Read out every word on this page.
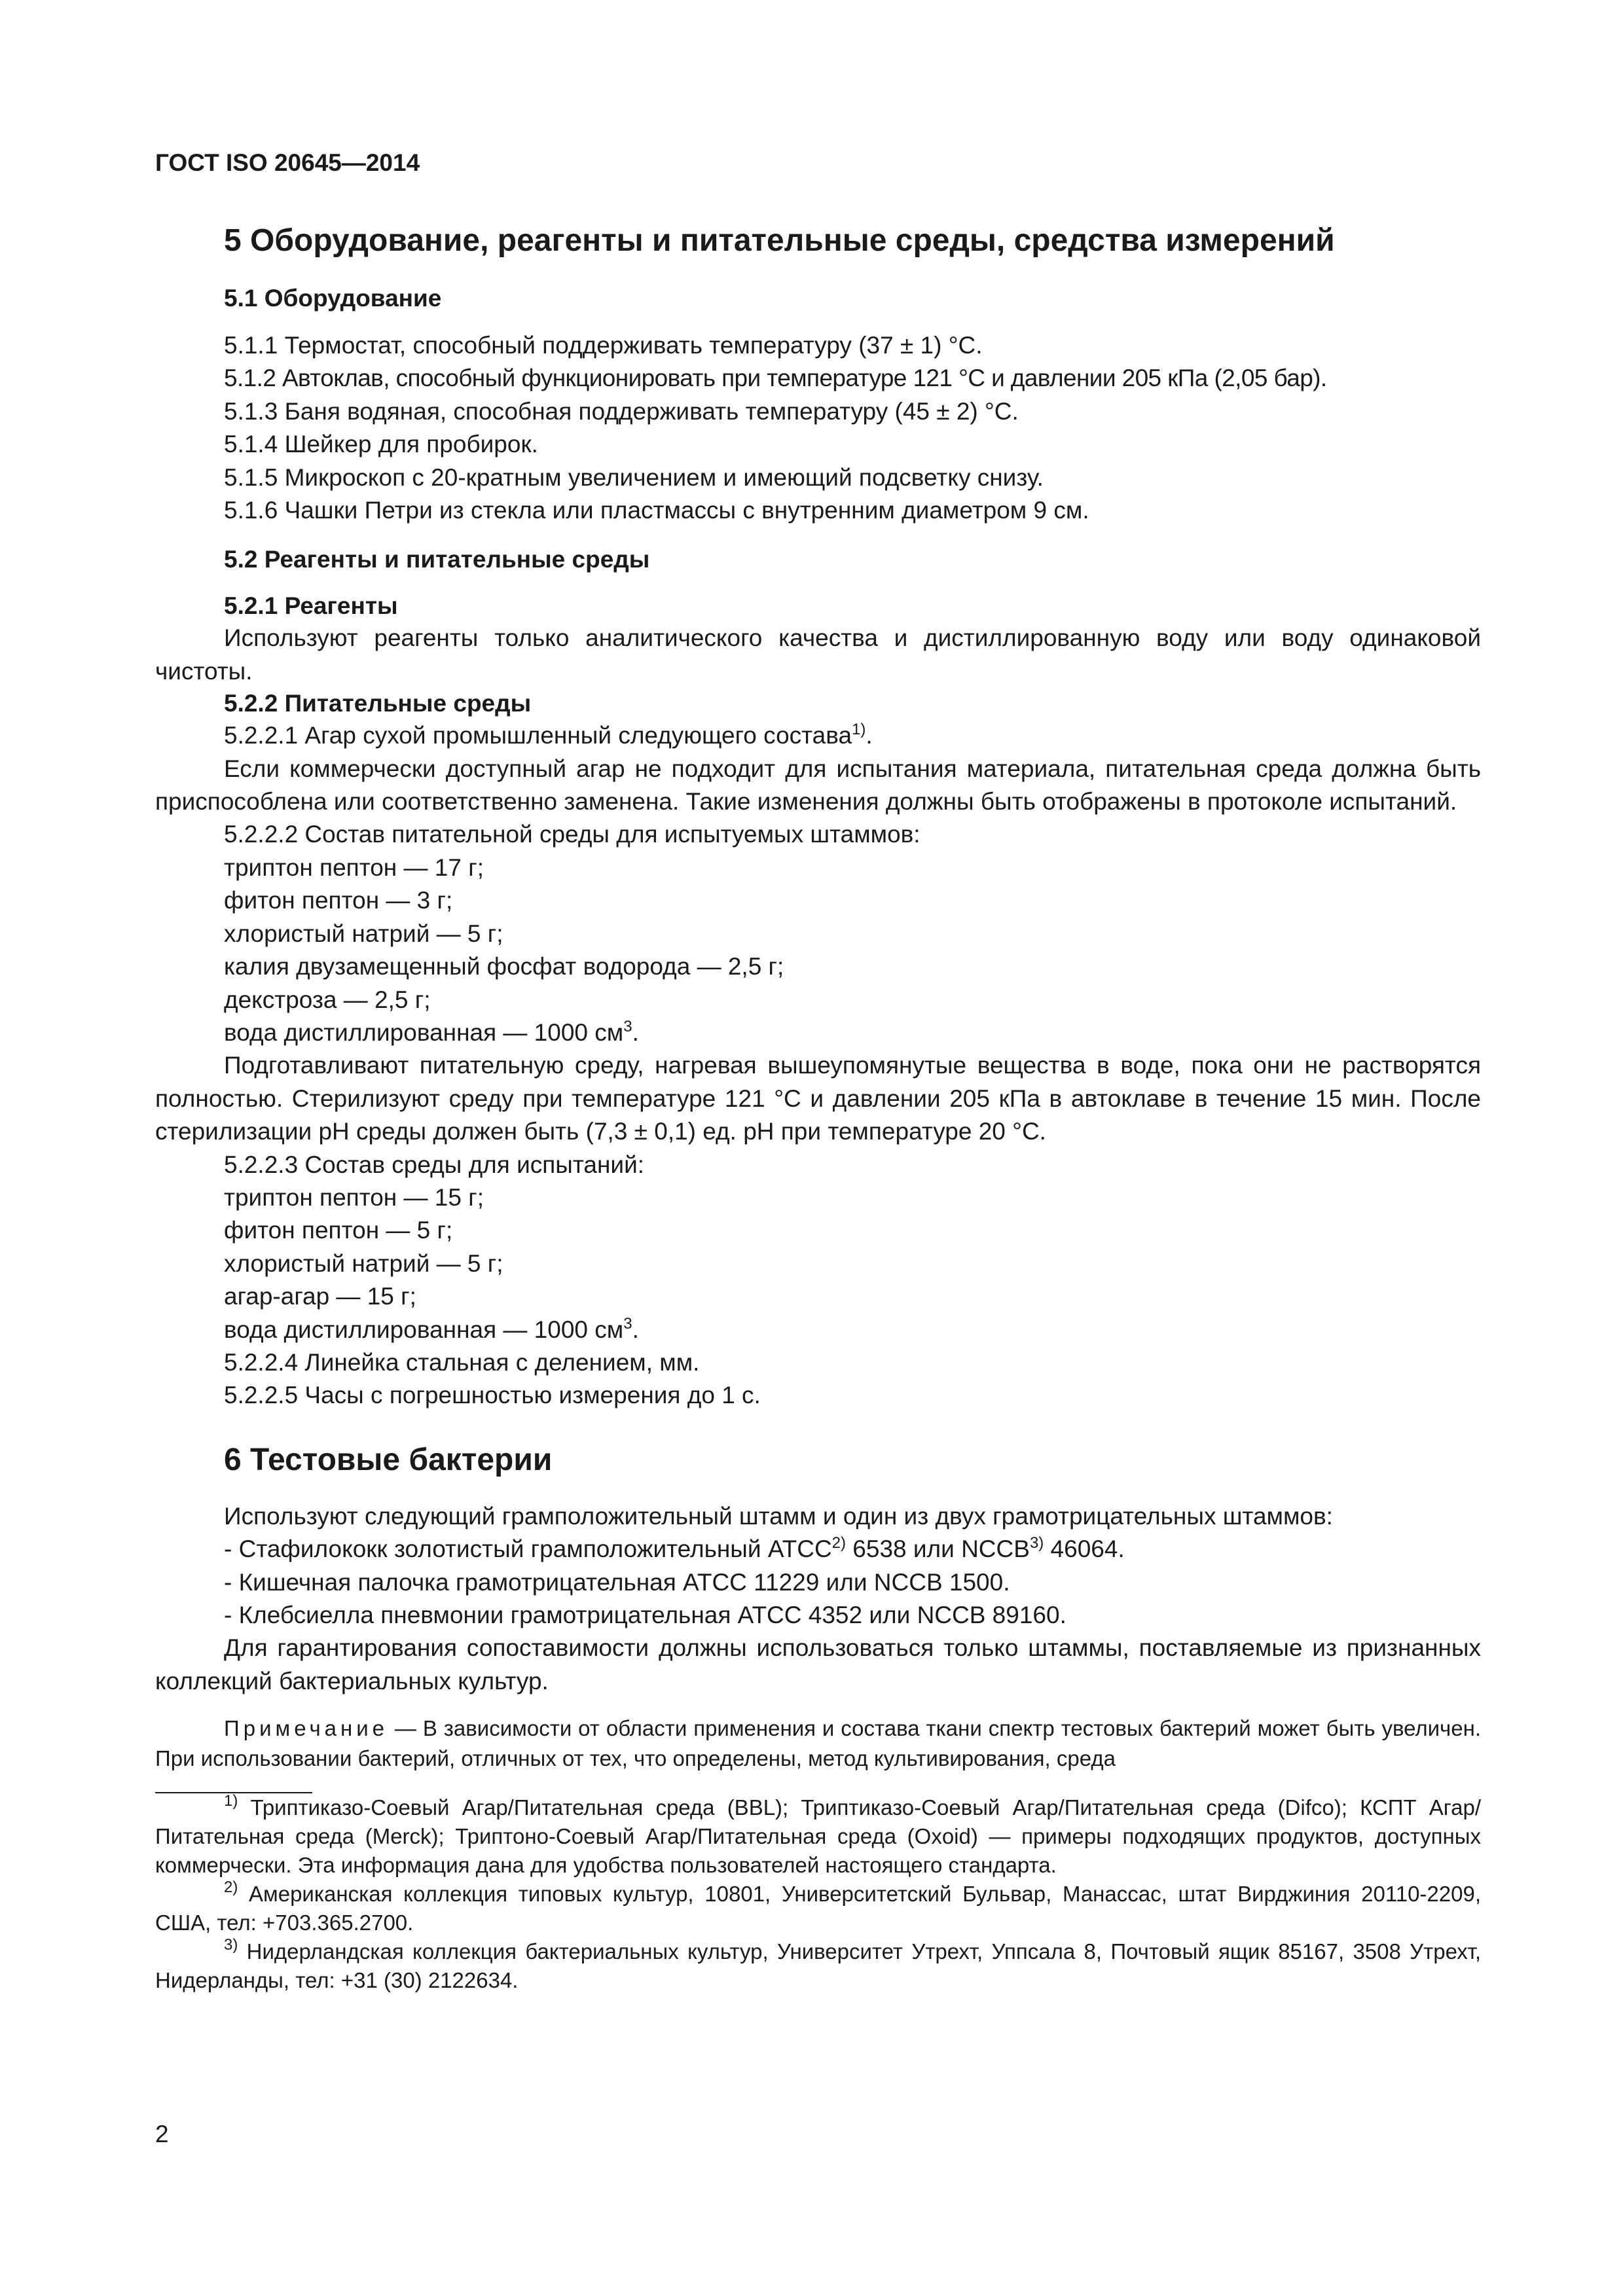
ГОСТ ISO 20645—2014
5 Оборудование, реагенты и питательные среды, средства измерений
5.1 Оборудование

5.1.1 Термостат, способный поддерживать температуру (37 ± 1) °С.

5.1.2 Автоклав, способный функционировать при температуре 121 °С и давлении 205 кПа (2,05 бар).

5.1.3 Баня водяная, способная поддерживать температуру (45 ± 2) °С.

5.1.4 Шейкер для пробирок.

5.1.5 Микроскоп с 20-кратным увеличением и имеющий подсветку снизу.

5.1.6 Чашки Петри из стекла или пластмассы с внутренним диаметром 9 см.

5.2 Реагенты и питательные среды
5.2.1 Реагенты

Используют реагенты только аналитического качества и дистиллированную воду или воду одинаковой чистоты.

5.2.2 Питательные среды

5.2.2.1 Агар сухой промышленный следующего состава$^{1)}$.

Если коммерчески доступный агар не подходит для испытания материала, питательная среда должна быть приспособлена или соответственно заменена. Такие изменения должны быть отображены в протоколе испытаний.

5.2.2.2 Состав питательной среды для испытуемых штаммов:

триптон пептон — 17 г;

фитон пептон — 3 г;

хлористый натрий — 5 г;

калия двузамещенный фосфат водорода — 2,5 г;

декстроза — 2,5 г;

вода дистиллированная — 1000 $см^3$.

Подготавливают питательную среду, нагревая вышеупомянутые вещества в воде, пока они не растворятся полностью. Стерилизуют среду при температуре 121 °С и давлении 205 кПа в автоклаве в течение 15 мин. После стерилизации pH среды должен быть (7,3 ± 0,1) ед. pH при температуре 20 °С.

5.2.2.3 Состав среды для испытаний:

триптон пептон — 15 г;

фитон пептон — 5 г;

хлористый натрий — 5 г;

агар-агар — 15 г;

вода дистиллированная — 1000 $см^3$.

5.2.2.4 Линейка стальная с делением, мм.

5.2.2.5 Часы с погрешностью измерения до 1 с.

6 Тестовые бактерии

Используют следующий грамположительный штамм и один из двух грамотрицательных штаммов:

- Стафилококк золотистый грамположительный АТСС$^{2)}$ 6538 или NCCB$^{3)}$ 46064.

- Кишечная палочка грамотрицательная АТСС 11229 или NCCB 1500.

- Клебсиелла пневмонии грамотрицательная АТСС 4352 или NCCB 89160.

Для гарантирования сопоставимости должны использоваться только штаммы, поставляемые из признанных коллекций бактериальных культур.

Примечание — В зависимости от области применения и состава ткани спектр тестовых бактерий может быть увеличен. При использовании бактерий, отличных от тех, что определены, метод культивирования, среда

$^{1)}$ Триптиказо-Соевый Агар/Питательная среда (BBL); Триптиказо-Соевый Агар/Питательная среда (Difco); КСПТ Агар/Питательная среда (Merck); Триптоно-Соевый Агар/Питательная среда (Oxoid) — примеры подходящих продуктов, доступных коммерчески. Эта информация дана для удобства пользователей настоящего стандарта.

$^{2)}$ Американская коллекция типовых культур, 10801, Университетский Бульвар, Манассас, штат Вирджиния 20110-2209, США, тел: +703.365.2700.

$^{3)}$ Нидерландская коллекция бактериальных культур, Университет Утрехт, Уппсала 8, Почтовый ящик 85167, 3508 Утрехт, Нидерланды, тел: +31 (30) 2122634.

2
